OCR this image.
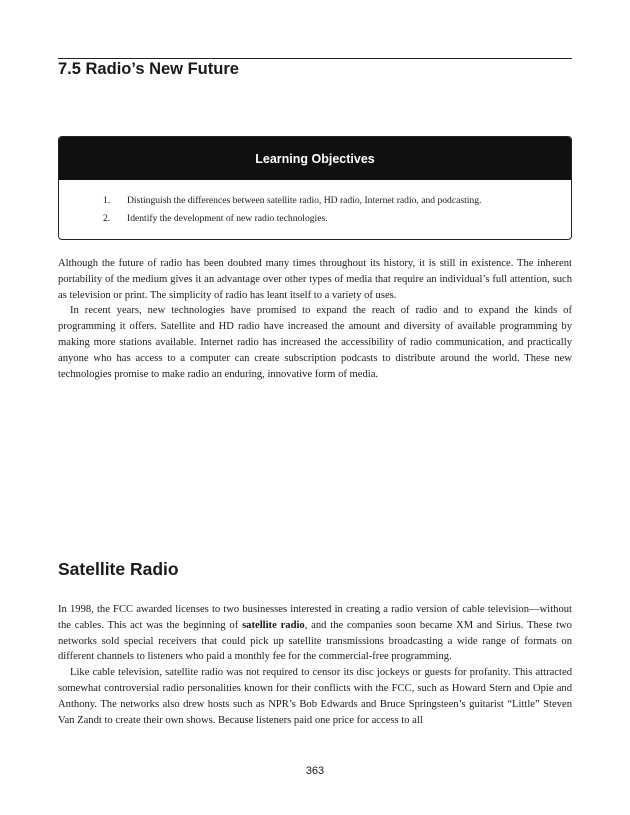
7.5 Radio’s New Future
Learning Objectives
1. Distinguish the differences between satellite radio, HD radio, Internet radio, and podcasting.
2. Identify the development of new radio technologies.

Although the future of radio has been doubted many times throughout its history, it is still in existence. The inherent portability of the medium gives it an advantage over other types of media that require an individual’s full attention, such as television or print. The simplicity of radio has leant itself to a variety of uses.

In recent years, new technologies have promised to expand the reach of radio and to expand the kinds of programming it offers. Satellite and HD radio have increased the amount and diversity of available programming by making more stations available. Internet radio has increased the accessibility of radio communication, and practically anyone who has access to a computer can create subscription podcasts to distribute around the world. These new technologies promise to make radio an enduring, innovative form of media.

Satellite Radio

In 1998, the FCC awarded licenses to two businesses interested in creating a radio version of cable television—without the cables. This act was the beginning of satellite radio, and the companies soon became XM and Sirius. These two networks sold special receivers that could pick up satellite transmissions broadcasting a wide range of formats on different channels to listeners who paid a monthly fee for the commercial-free programming.

Like cable television, satellite radio was not required to censor its disc jockeys or guests for profanity. This attracted somewhat controversial radio personalities known for their conflicts with the FCC, such as Howard Stern and Opie and Anthony. The networks also drew hosts such as NPR’s Bob Edwards and Bruce Springsteen’s guitarist “Little” Steven Van Zandt to create their own shows. Because listeners paid one price for access to all

363
